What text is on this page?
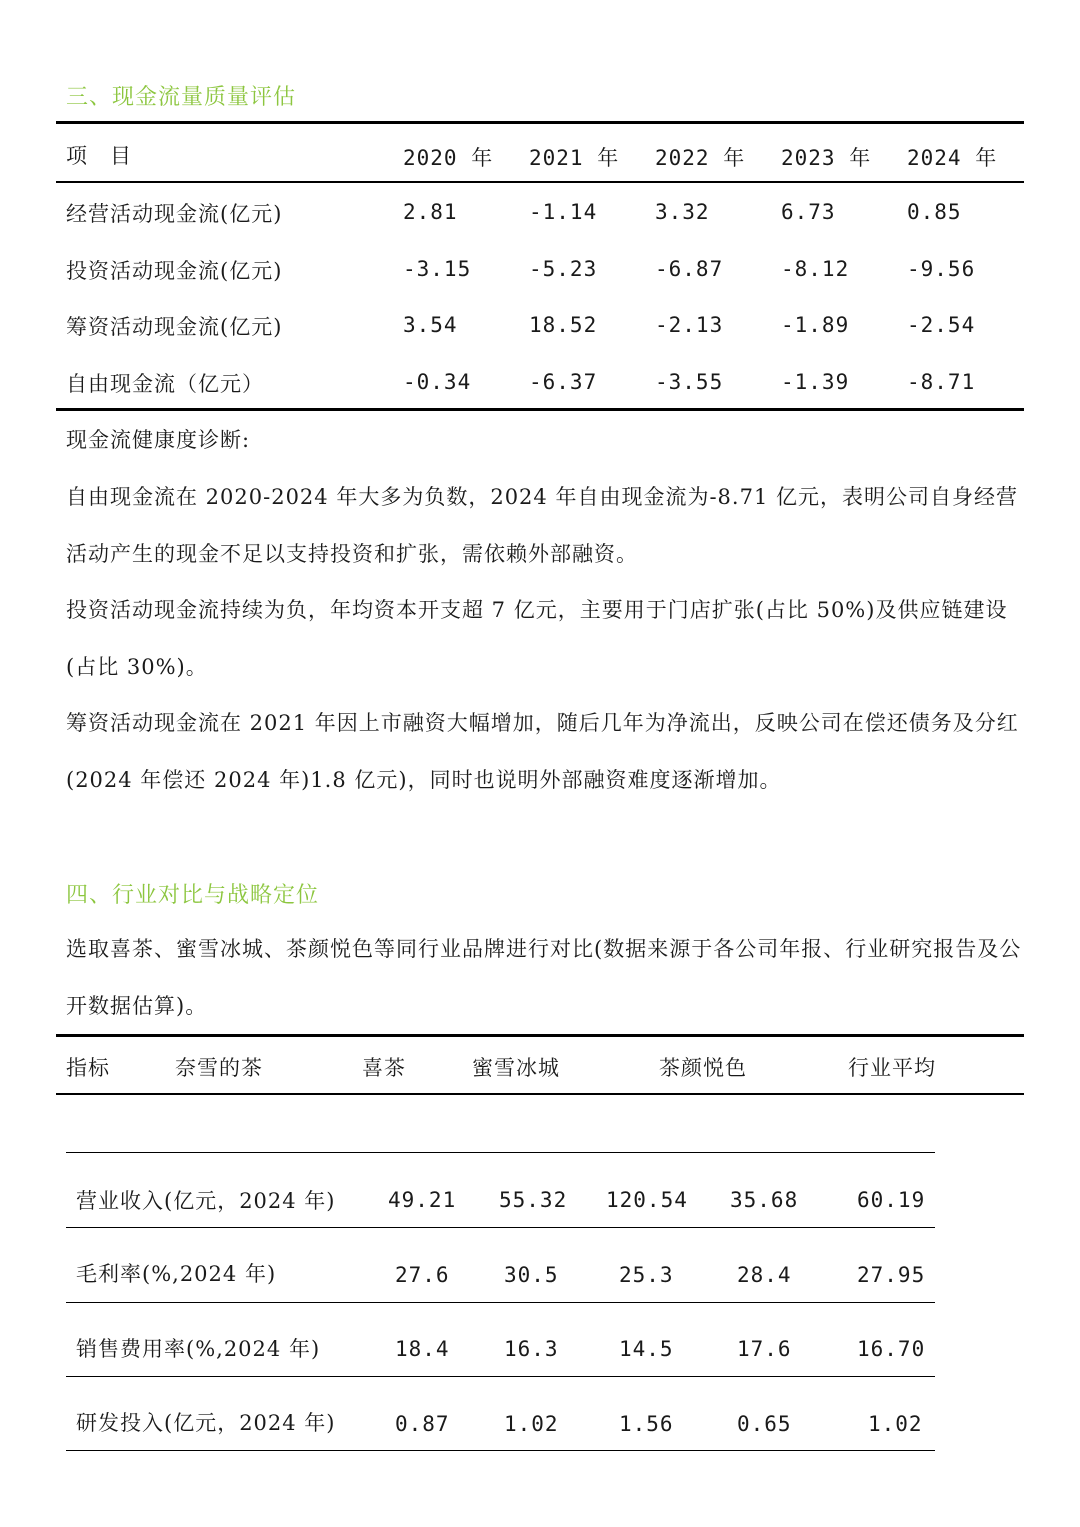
三、现金流量质量评估
项　目	2020 年 2021 年 2022 年 2023 年 2024 年
经营活动现金流(亿元)	2.81	-1.14	3.32	6.73	0.85
投资活动现金流(亿元)	-3.15	-5.23	-6.87	-8.12	-9.56
筹资活动现金流(亿元)	3.54	18.52	-2.13	-1.89	-2.54
自由现金流（亿元）	-0.34	-6.37	-3.55	-1.39	-8.71
现金流健康度诊断:
自由现金流在 2020-2024 年大多为负数，2024 年自由现金流为-8.71 亿元，表明公司自身经营活动产生的现金不足以支持投资和扩张，需依赖外部融资。
投资活动现金流持续为负，年均资本开支超 7 亿元，主要用于门店扩张(占比 50%)及供应链建设(占比 30%)。
筹资活动现金流在 2021 年因上市融资大幅增加，随后几年为净流出，反映公司在偿还债务及分红(2024 年偿还 2024 年)1.8 亿元)，同时也说明外部融资难度逐渐增加。
四、行业对比与战略定位
选取喜茶、蜜雪冰城、茶颜悦色等同行业品牌进行对比(数据来源于各公司年报、行业研究报告及公开数据估算)。
指标	奈雪的茶	喜茶	蜜雪冰城	茶颜悦色	行业平均
营业收入(亿元，2024 年) 49.21 55.32 120.54 35.68	60.19
毛利率(%,2024 年)	27.6	30.5	25.3	28.4	27.95
销售费用率(%,2024 年)	18.4	16.3	14.5	17.6	16.70
研发投入(亿元，2024 年)	0.87	1.02	1.56	0.65	1.02
